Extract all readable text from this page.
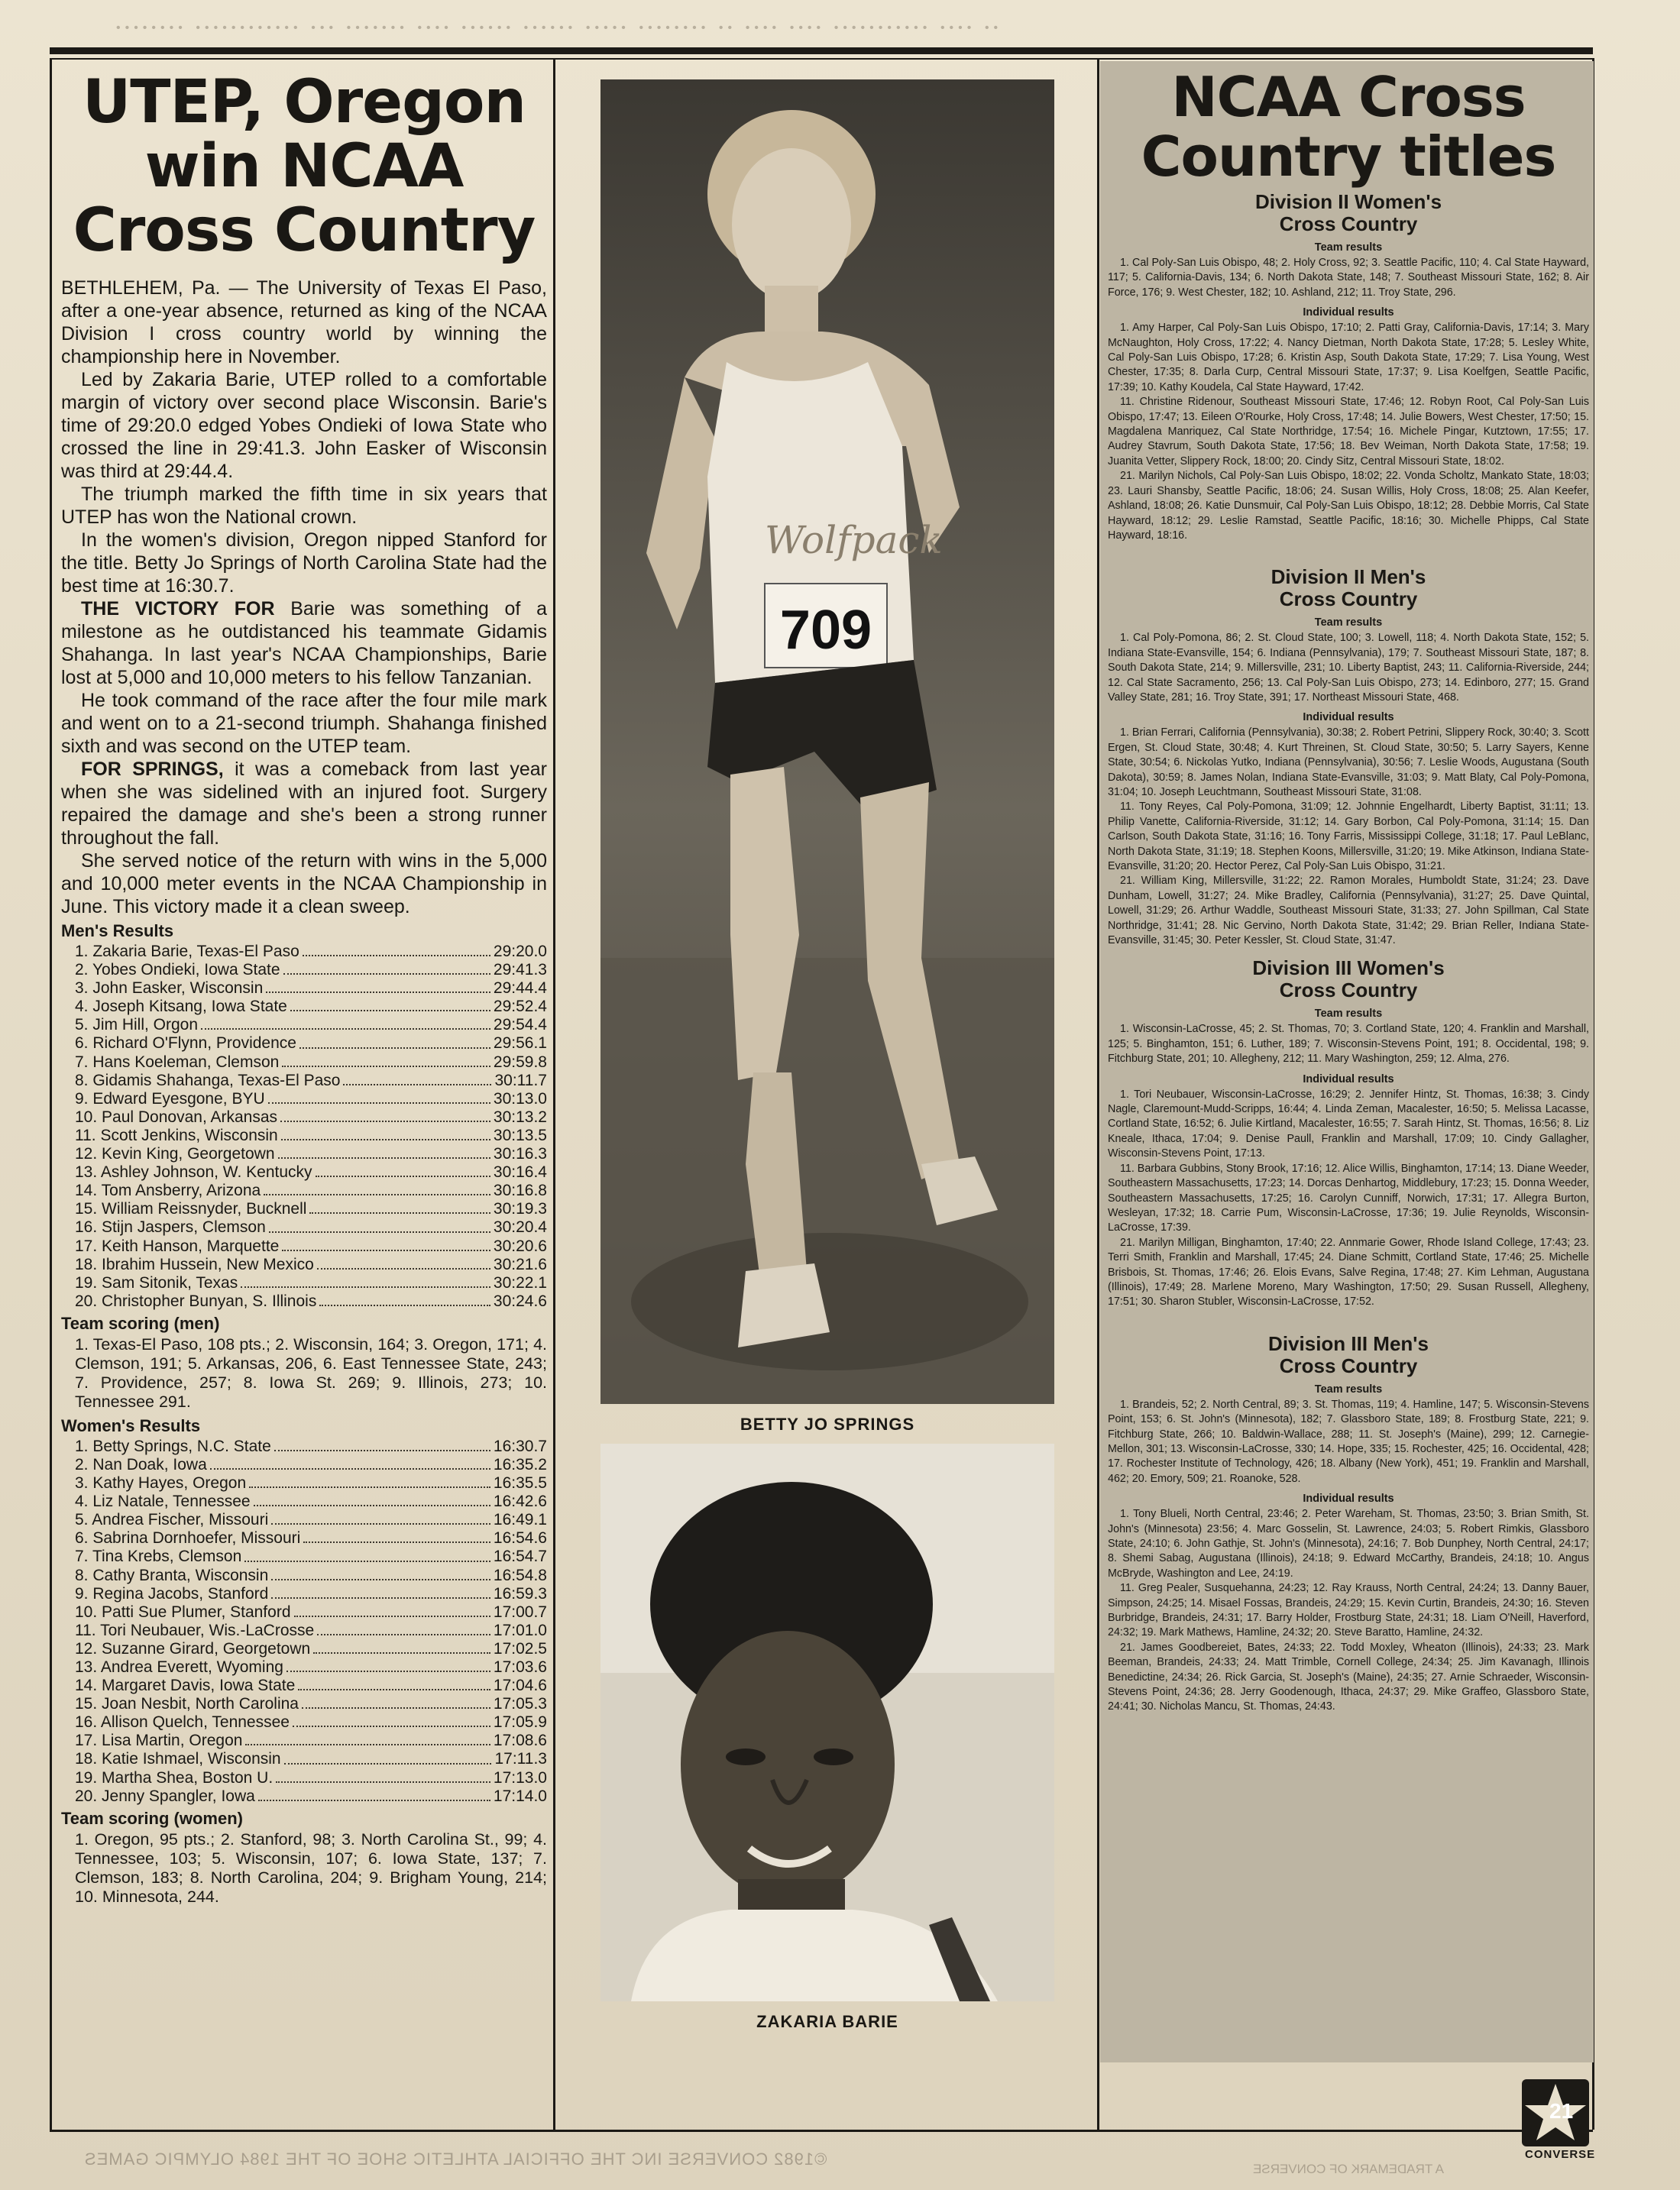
•••••••• •••••••••••• ••• ••••••• •••• •••••• •••••• ••••• •••••••• •• •••• •••• ••••••••••• •••• ••
UTEP, Oregon
win NCAA
Cross Country

BETHLEHEM, Pa. — The University of Texas El Paso, after a one-year absence, returned as king of the NCAA Division I cross country world by winning the championship here in November.

Led by Zakaria Barie, UTEP rolled to a comfortable margin of victory over second place Wisconsin. Barie's time of 29:20.0 edged Yobes Ondieki of Iowa State who crossed the line in 29:41.3. John Easker of Wisconsin was third at 29:44.4.

The triumph marked the fifth time in six years that UTEP has won the National crown.

In the women's division, Oregon nipped Stanford for the title. Betty Jo Springs of North Carolina State had the best time at 16:30.7.

THE VICTORY FOR Barie was something of a milestone as he outdistanced his teammate Gidamis Shahanga. In last year's NCAA Championships, Barie lost at 5,000 and 10,000 meters to his fellow Tanzanian.

He took command of the race after the four mile mark and went on to a 21-second triumph. Shahanga finished sixth and was second on the UTEP team.

FOR SPRINGS, it was a comeback from last year when she was sidelined with an injured foot. Surgery repaired the damage and she's been a strong runner throughout the fall.

She served notice of the return with wins in the 5,000 and 10,000 meter events in the NCAA Championship in June. This victory made it a clean sweep.

Men's Results
1. Zakaria Barie, Texas-El Paso	29:20.0
2. Yobes Ondieki, Iowa State	29:41.3
3. John Easker, Wisconsin	29:44.4
4. Joseph Kitsang, Iowa State	29:52.4
5. Jim Hill, Orgon	29:54.4
6. Richard O'Flynn, Providence	29:56.1
7. Hans Koeleman, Clemson	29:59.8
8. Gidamis Shahanga, Texas-El Paso	30:11.7
9. Edward Eyesgone, BYU	30:13.0
10. Paul Donovan, Arkansas	30:13.2
11. Scott Jenkins, Wisconsin	30:13.5
12. Kevin King, Georgetown	30:16.3
13. Ashley Johnson, W. Kentucky	30:16.4
14. Tom Ansberry, Arizona	30:16.8
15. William Reissnyder, Bucknell	30:19.3
16. Stijn Jaspers, Clemson	30:20.4
17. Keith Hanson, Marquette	30:20.6
18. Ibrahim Hussein, New Mexico	30:21.6
19. Sam Sitonik, Texas	30:22.1
20. Christopher Bunyan, S. Illinois	30:24.6
Team scoring (men)

1. Texas-El Paso, 108 pts.; 2. Wisconsin, 164; 3. Oregon, 171; 4. Clemson, 191; 5. Arkansas, 206, 6. East Tennessee State, 243; 7. Providence, 257; 8. Iowa St. 269; 9. Illinois, 273; 10. Tennessee 291.

Women's Results
1. Betty Springs, N.C. State	16:30.7
2. Nan Doak, Iowa	16:35.2
3. Kathy Hayes, Oregon	16:35.5
4. Liz Natale, Tennessee	16:42.6
5. Andrea Fischer, Missouri	16:49.1
6. Sabrina Dornhoefer, Missouri	16:54.6
7. Tina Krebs, Clemson	16:54.7
8. Cathy Branta, Wisconsin	16:54.8
9. Regina Jacobs, Stanford	16:59.3
10. Patti Sue Plumer, Stanford	17:00.7
11. Tori Neubauer, Wis.-LaCrosse	17:01.0
12. Suzanne Girard, Georgetown	17:02.5
13. Andrea Everett, Wyoming	17:03.6
14. Margaret Davis, Iowa State	17:04.6
15. Joan Nesbit, North Carolina	17:05.3
16. Allison Quelch, Tennessee	17:05.9
17. Lisa Martin, Oregon	17:08.6
18. Katie Ishmael, Wisconsin	17:11.3
19. Martha Shea, Boston U.	17:13.0
20. Jenny Spangler, Iowa	17:14.0
Team scoring (women)

1. Oregon, 95 pts.; 2. Stanford, 98; 3. North Carolina St., 99; 4. Tennessee, 103; 5. Wisconsin, 107; 6. Iowa State, 137; 7. Clemson, 183; 8. North Carolina, 204; 9. Brigham Young, 214; 10. Minnesota, 244.

Wolfpack
709
BETTY JO SPRINGS
ZAKARIA BARIE
NCAA Cross
Country titles
Division II Women's
Cross Country
Team results

1. Cal Poly-San Luis Obispo, 48; 2. Holy Cross, 92; 3. Seattle Pacific, 110; 4. Cal State Hayward, 117; 5. California-Davis, 134; 6. North Dakota State, 148; 7. Southeast Missouri State, 162; 8. Air Force, 176; 9. West Chester, 182; 10. Ashland, 212; 11. Troy State, 296.

Individual results

1. Amy Harper, Cal Poly-San Luis Obispo, 17:10; 2. Patti Gray, California-Davis, 17:14; 3. Mary McNaughton, Holy Cross, 17:22; 4. Nancy Dietman, North Dakota State, 17:28; 5. Lesley White, Cal Poly-San Luis Obispo, 17:28; 6. Kristin Asp, South Dakota State, 17:29; 7. Lisa Young, West Chester, 17:35; 8. Darla Curp, Central Missouri State, 17:37; 9. Lisa Koelfgen, Seattle Pacific, 17:39; 10. Kathy Koudela, Cal State Hayward, 17:42.

11. Christine Ridenour, Southeast Missouri State, 17:46; 12. Robyn Root, Cal Poly-San Luis Obispo, 17:47; 13. Eileen O'Rourke, Holy Cross, 17:48; 14. Julie Bowers, West Chester, 17:50; 15. Magdalena Manriquez, Cal State Northridge, 17:54; 16. Michele Pingar, Kutztown, 17:55; 17. Audrey Stavrum, South Dakota State, 17:56; 18. Bev Weiman, North Dakota State, 17:58; 19. Juanita Vetter, Slippery Rock, 18:00; 20. Cindy Sitz, Central Missouri State, 18:02.

21. Marilyn Nichols, Cal Poly-San Luis Obispo, 18:02; 22. Vonda Scholtz, Mankato State, 18:03; 23. Lauri Shansby, Seattle Pacific, 18:06; 24. Susan Willis, Holy Cross, 18:08; 25. Alan Keefer, Ashland, 18:08; 26. Katie Dunsmuir, Cal Poly-San Luis Obispo, 18:12; 28. Debbie Morris, Cal State Hayward, 18:12; 29. Leslie Ramstad, Seattle Pacific, 18:16; 30. Michelle Phipps, Cal State Hayward, 18:16.

Division II Men's
Cross Country
Team results

1. Cal Poly-Pomona, 86; 2. St. Cloud State, 100; 3. Lowell, 118; 4. North Dakota State, 152; 5. Indiana State-Evansville, 154; 6. Indiana (Pennsylvania), 179; 7. Southeast Missouri State, 187; 8. South Dakota State, 214; 9. Millersville, 231; 10. Liberty Baptist, 243; 11. California-Riverside, 244; 12. Cal State Sacramento, 256; 13. Cal Poly-San Luis Obispo, 273; 14. Edinboro, 277; 15. Grand Valley State, 281; 16. Troy State, 391; 17. Northeast Missouri State, 468.

Individual results

1. Brian Ferrari, California (Pennsylvania), 30:38; 2. Robert Petrini, Slippery Rock, 30:40; 3. Scott Ergen, St. Cloud State, 30:48; 4. Kurt Threinen, St. Cloud State, 30:50; 5. Larry Sayers, Kenne State, 30:54; 6. Nickolas Yutko, Indiana (Pennsylvania), 30:56; 7. Leslie Woods, Augustana (South Dakota), 30:59; 8. James Nolan, Indiana State-Evansville, 31:03; 9. Matt Blaty, Cal Poly-Pomona, 31:04; 10. Joseph Leuchtmann, Southeast Missouri State, 31:08.

11. Tony Reyes, Cal Poly-Pomona, 31:09; 12. Johnnie Engelhardt, Liberty Baptist, 31:11; 13. Philip Vanette, California-Riverside, 31:12; 14. Gary Borbon, Cal Poly-Pomona, 31:14; 15. Dan Carlson, South Dakota State, 31:16; 16. Tony Farris, Mississippi College, 31:18; 17. Paul LeBlanc, North Dakota State, 31:19; 18. Stephen Koons, Millersville, 31:20; 19. Mike Atkinson, Indiana State-Evansville, 31:20; 20. Hector Perez, Cal Poly-San Luis Obispo, 31:21.

21. William King, Millersville, 31:22; 22. Ramon Morales, Humboldt State, 31:24; 23. Dave Dunham, Lowell, 31:27; 24. Mike Bradley, California (Pennsylvania), 31:27; 25. Dave Quintal, Lowell, 31:29; 26. Arthur Waddle, Southeast Missouri State, 31:33; 27. John Spillman, Cal State Northridge, 31:41; 28. Nic Gervino, North Dakota State, 31:42; 29. Brian Reller, Indiana State-Evansville, 31:45; 30. Peter Kessler, St. Cloud State, 31:47.

Division III Women's
Cross Country
Team results

1. Wisconsin-LaCrosse, 45; 2. St. Thomas, 70; 3. Cortland State, 120; 4. Franklin and Marshall, 125; 5. Binghamton, 151; 6. Luther, 189; 7. Wisconsin-Stevens Point, 191; 8. Occidental, 198; 9. Fitchburg State, 201; 10. Allegheny, 212; 11. Mary Washington, 259; 12. Alma, 276.

Individual results

1. Tori Neubauer, Wisconsin-LaCrosse, 16:29; 2. Jennifer Hintz, St. Thomas, 16:38; 3. Cindy Nagle, Claremount-Mudd-Scripps, 16:44; 4. Linda Zeman, Macalester, 16:50; 5. Melissa Lacasse, Cortland State, 16:52; 6. Julie Kirtland, Macalester, 16:55; 7. Sarah Hintz, St. Thomas, 16:56; 8. Liz Kneale, Ithaca, 17:04; 9. Denise Paull, Franklin and Marshall, 17:09; 10. Cindy Gallagher, Wisconsin-Stevens Point, 17:13.

11. Barbara Gubbins, Stony Brook, 17:16; 12. Alice Willis, Binghamton, 17:14; 13. Diane Weeder, Southeastern Massachusetts, 17:23; 14. Dorcas Denhartog, Middlebury, 17:23; 15. Donna Weeder, Southeastern Massachusetts, 17:25; 16. Carolyn Cunniff, Norwich, 17:31; 17. Allegra Burton, Wesleyan, 17:32; 18. Carrie Pum, Wisconsin-LaCrosse, 17:36; 19. Julie Reynolds, Wisconsin-LaCrosse, 17:39.

21. Marilyn Milligan, Binghamton, 17:40; 22. Annmarie Gower, Rhode Island College, 17:43; 23. Terri Smith, Franklin and Marshall, 17:45; 24. Diane Schmitt, Cortland State, 17:46; 25. Michelle Brisbois, St. Thomas, 17:46; 26. Elois Evans, Salve Regina, 17:48; 27. Kim Lehman, Augustana (Illinois), 17:49; 28. Marlene Moreno, Mary Washington, 17:50; 29. Susan Russell, Allegheny, 17:51; 30. Sharon Stubler, Wisconsin-LaCrosse, 17:52.

Division III Men's
Cross Country
Team results

1. Brandeis, 52; 2. North Central, 89; 3. St. Thomas, 119; 4. Hamline, 147; 5. Wisconsin-Stevens Point, 153; 6. St. John's (Minnesota), 182; 7. Glassboro State, 189; 8. Frostburg State, 221; 9. Fitchburg State, 266; 10. Baldwin-Wallace, 288; 11. St. Joseph's (Maine), 299; 12. Carnegie-Mellon, 301; 13. Wisconsin-LaCrosse, 330; 14. Hope, 335; 15. Rochester, 425; 16. Occidental, 428; 17. Rochester Institute of Technology, 426; 18. Albany (New York), 451; 19. Franklin and Marshall, 462; 20. Emory, 509; 21. Roanoke, 528.

Individual results

1. Tony Blueli, North Central, 23:46; 2. Peter Wareham, St. Thomas, 23:50; 3. Brian Smith, St. John's (Minnesota) 23:56; 4. Marc Gosselin, St. Lawrence, 24:03; 5. Robert Rimkis, Glassboro State, 24:10; 6. John Gathje, St. John's (Minnesota), 24:16; 7. Bob Dunphey, North Central, 24:17; 8. Shemi Sabag, Augustana (Illinois), 24:18; 9. Edward McCarthy, Brandeis, 24:18; 10. Angus McBryde, Washington and Lee, 24:19.

11. Greg Pealer, Susquehanna, 24:23; 12. Ray Krauss, North Central, 24:24; 13. Danny Bauer, Simpson, 24:25; 14. Misael Fossas, Brandeis, 24:29; 15. Kevin Curtin, Brandeis, 24:30; 16. Steven Burbridge, Brandeis, 24:31; 17. Barry Holder, Frostburg State, 24:31; 18. Liam O'Neill, Haverford, 24:32; 19. Mark Mathews, Hamline, 24:32; 20. Steve Baratto, Hamline, 24:32.

21. James Goodbereiet, Bates, 24:33; 22. Todd Moxley, Wheaton (Illinois), 24:33; 23. Mark Beeman, Brandeis, 24:33; 24. Matt Trimble, Cornell College, 24:34; 25. Jim Kavanagh, Illinois Benedictine, 24:34; 26. Rick Garcia, St. Joseph's (Maine), 24:35; 27. Arnie Schraeder, Wisconsin-Stevens Point, 24:36; 28. Jerry Goodenough, Ithaca, 24:37; 29. Mike Graffeo, Glassboro State, 24:41; 30. Nicholas Mancu, St. Thomas, 24:43.

©1982 CONVERSE INC THE OFFICIAL ATHLETIC SHOE OF THE 1984 OLYMPIC GAMES
A TRADEMARK OF CONVERSE
21
CONVERSE
